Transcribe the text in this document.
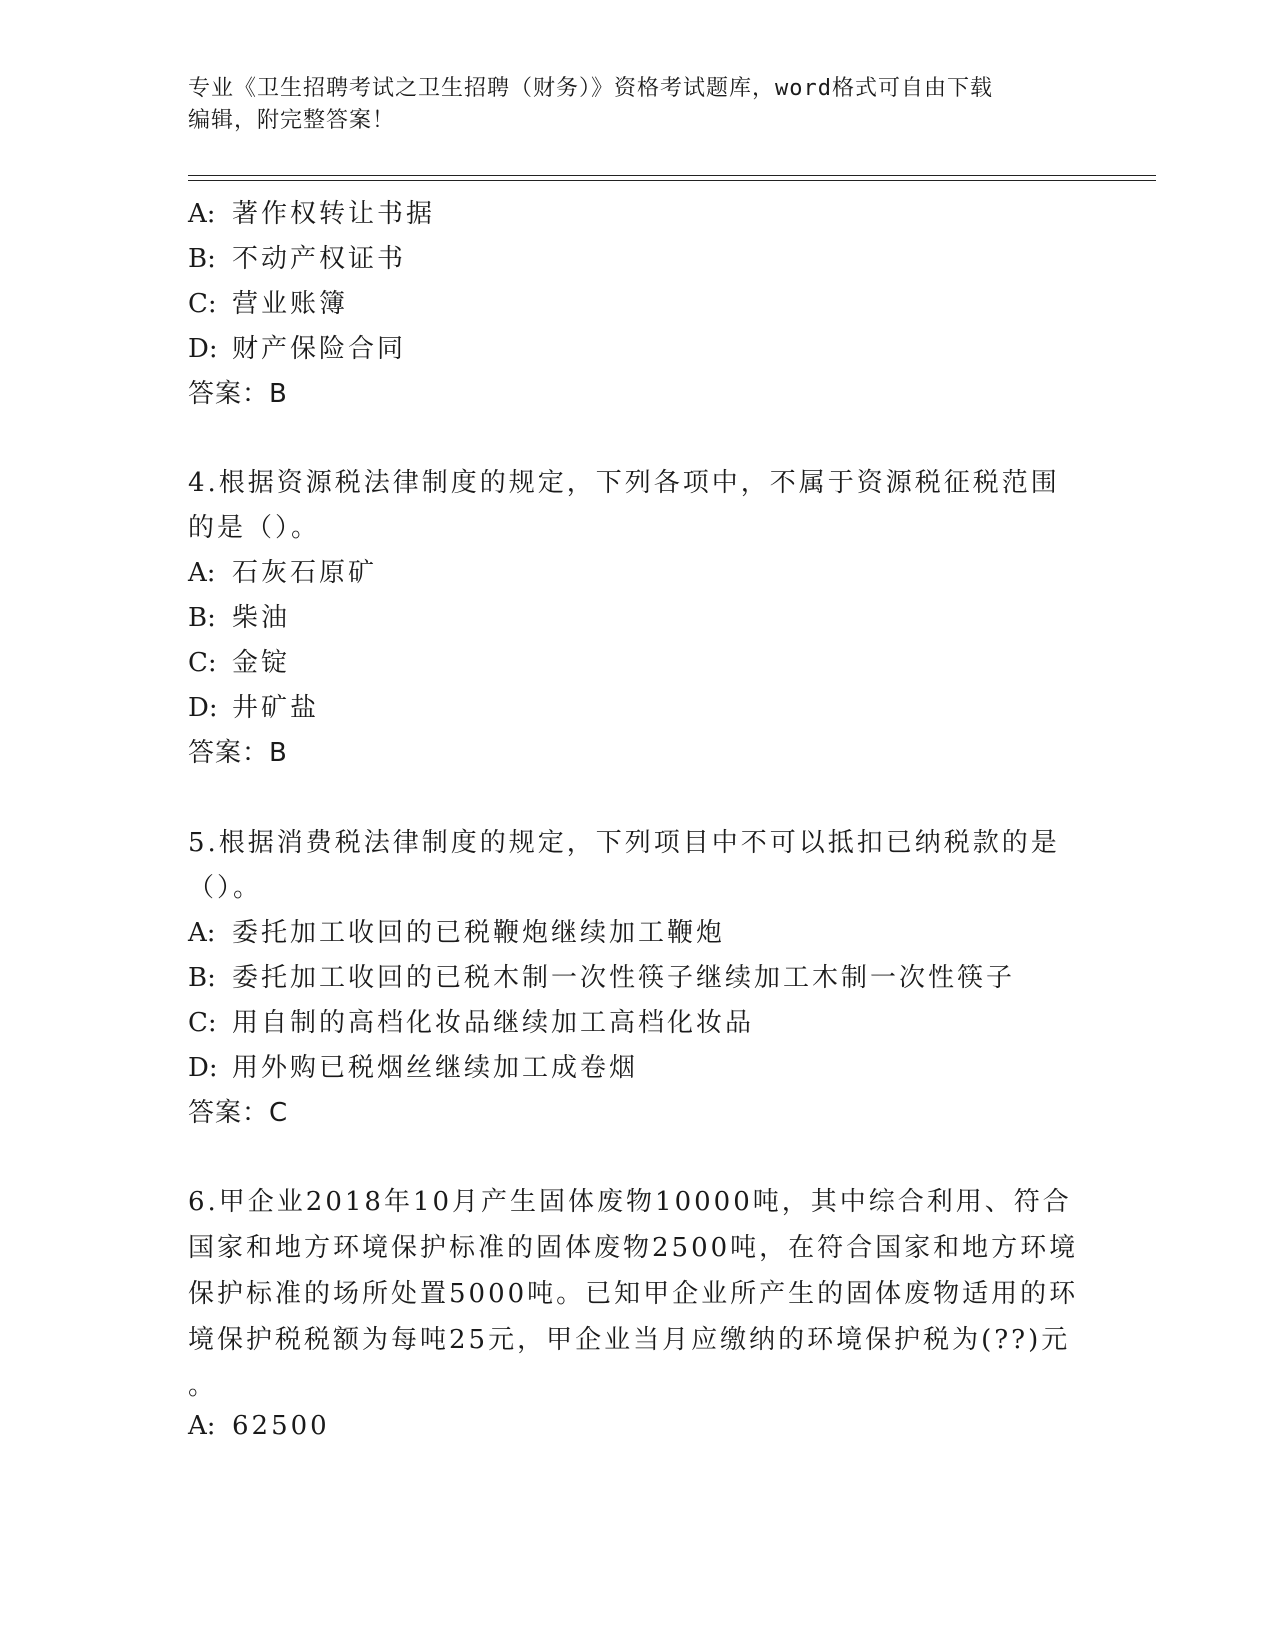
专业《卫生招聘考试之卫生招聘（财务）》资格考试题库，word格式可自由下载
编辑，附完整答案！
A: 著作权转让书据
B: 不动产权证书
C: 营业账簿
D: 财产保险合同
答案：B
4.根据资源税法律制度的规定，下列各项中，不属于资源税征税范围
的是（）。
A: 石灰石原矿
B: 柴油
C: 金锭
D: 井矿盐
答案：B
5.根据消费税法律制度的规定，下列项目中不可以抵扣已纳税款的是
（）。
A: 委托加工收回的已税鞭炮继续加工鞭炮
B: 委托加工收回的已税木制一次性筷子继续加工木制一次性筷子
C: 用自制的高档化妆品继续加工高档化妆品
D: 用外购已税烟丝继续加工成卷烟
答案：C
6.甲企业2018年10月产生固体废物10000吨，其中综合利用、符合
国家和地方环境保护标准的固体废物2500吨，在符合国家和地方环境
保护标准的场所处置5000吨。已知甲企业所产生的固体废物适用的环
境保护税税额为每吨25元，甲企业当月应缴纳的环境保护税为(??)元
。
A: 62500
